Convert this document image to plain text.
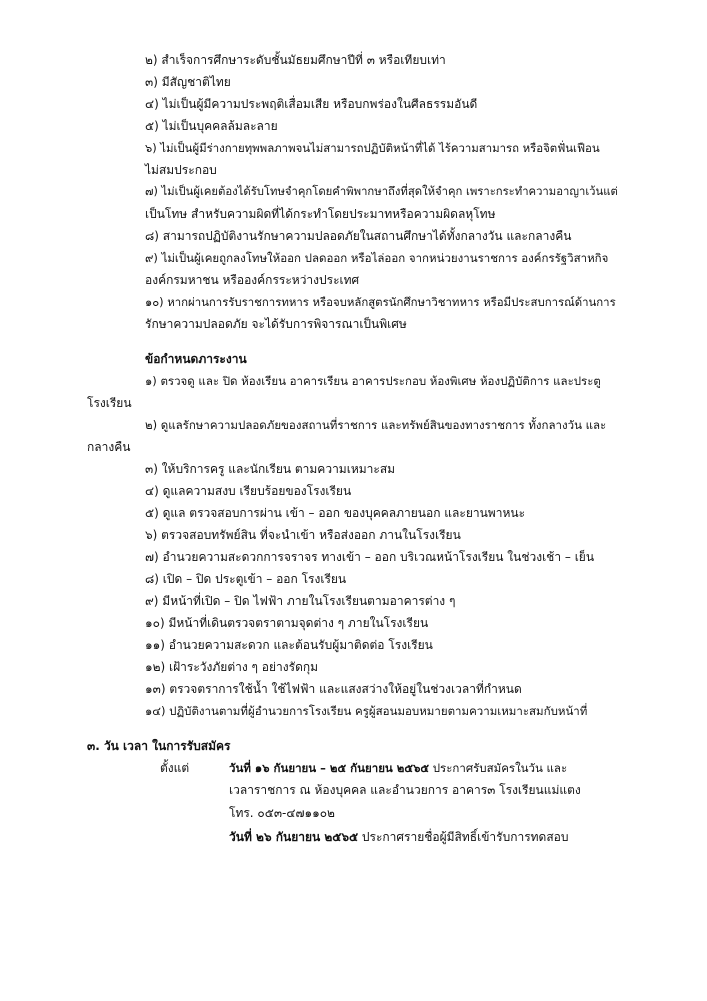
๒) สำเร็จการศึกษาระดับชั้นมัธยมศึกษาปีที่ ๓ หรือเทียบเท่า
๓) มีสัญชาติไทย
๔) ไม่เป็นผู้มีความประพฤติเสื่อมเสีย หรือบกพร่องในศีลธรรมอันดี
๕) ไม่เป็นบุคคลล้มละลาย
๖) ไม่เป็นผู้มีร่างกายทุพพลภาพจนไม่สามารถปฏิบัติหน้าที่ได้ ไร้ความสามารถ หรือจิตฟั่นเฟือน
ไม่สมประกอบ
๗) ไม่เป็นผู้เคยต้องได้รับโทษจำคุกโดยคำพิพากษาถึงที่สุดให้จำคุก เพราะกระทำความอาญาเว้นแต่
เป็นโทษ สำหรับความผิดที่ได้กระทำโดยประมาทหรือความผิดลหุโทษ
๘) สามารถปฏิบัติงานรักษาความปลอดภัยในสถานศึกษาได้ทั้งกลางวัน และกลางคืน
๙) ไม่เป็นผู้เคยถูกลงโทษให้ออก ปลดออก หรือไล่ออก จากหน่วยงานราชการ องค์กรรัฐวิสาหกิจ
องค์กรมหาชน หรือองค์กรระหว่างประเทศ
๑๐) หากผ่านการรับราชการทหาร หรือจบหลักสูตรนักศึกษาวิชาทหาร หรือมีประสบการณ์ด้านการ
รักษาความปลอดภัย จะได้รับการพิจารณาเป็นพิเศษ
ข้อกำหนดภาระงาน
๑) ตรวจดู และ ปิด ห้องเรียน อาคารเรียน อาคารประกอบ ห้องพิเศษ ห้องปฏิบัติการ และประตู
โรงเรียน
๒) ดูแลรักษาความปลอดภัยของสถานที่ราชการ และทรัพย์สินของทางราชการ ทั้งกลางวัน และ
กลางคืน
๓) ให้บริการครู และนักเรียน ตามความเหมาะสม
๔) ดูแลความสงบ เรียบร้อยของโรงเรียน
๕) ดูแล ตรวจสอบการผ่าน เข้า – ออก ของบุคคลภายนอก และยานพาหนะ
๖) ตรวจสอบทรัพย์สิน ที่จะนำเข้า หรือส่งออก ภานในโรงเรียน
๗) อำนวยความสะดวกการจราจร ทางเข้า – ออก บริเวณหน้าโรงเรียน ในช่วงเช้า – เย็น
๘) เปิด – ปิด ประตูเข้า – ออก โรงเรียน
๙) มีหน้าที่เปิด – ปิด ไฟฟ้า ภายในโรงเรียนตามอาคารต่าง ๆ
๑๐) มีหน้าที่เดินตรวจตราตามจุดต่าง ๆ ภายในโรงเรียน
๑๑) อำนวยความสะดวก และต้อนรับผู้มาติดต่อ โรงเรียน
๑๒) เฝ้าระวังภัยต่าง ๆ อย่างรัดกุม
๑๓) ตรวจตราการใช้น้ำ ใช้ไฟฟ้า และแสงสว่างให้อยู่ในช่วงเวลาที่กำหนด
๑๔) ปฏิบัติงานตามที่ผู้อำนวยการโรงเรียน ครูผู้สอนมอบหมายตามความเหมาะสมกับหน้าที่
๓. วัน เวลา ในการรับสมัคร
ตั้งแต่	วันที่ ๑๖ กันยายน – ๒๕ กันยายน ๒๕๖๕ ประกาศรับสมัครในวัน และ
เวลาราชการ ณ ห้องบุคคล และอำนวยการ อาคาร๓ โรงเรียนแม่แตง
โทร. ๐๕๓-๔๗๑๑๐๒
วันที่ ๒๖ กันยายน ๒๕๖๕ ประกาศรายชื่อผู้มีสิทธิ์เข้ารับการทดสอบ
